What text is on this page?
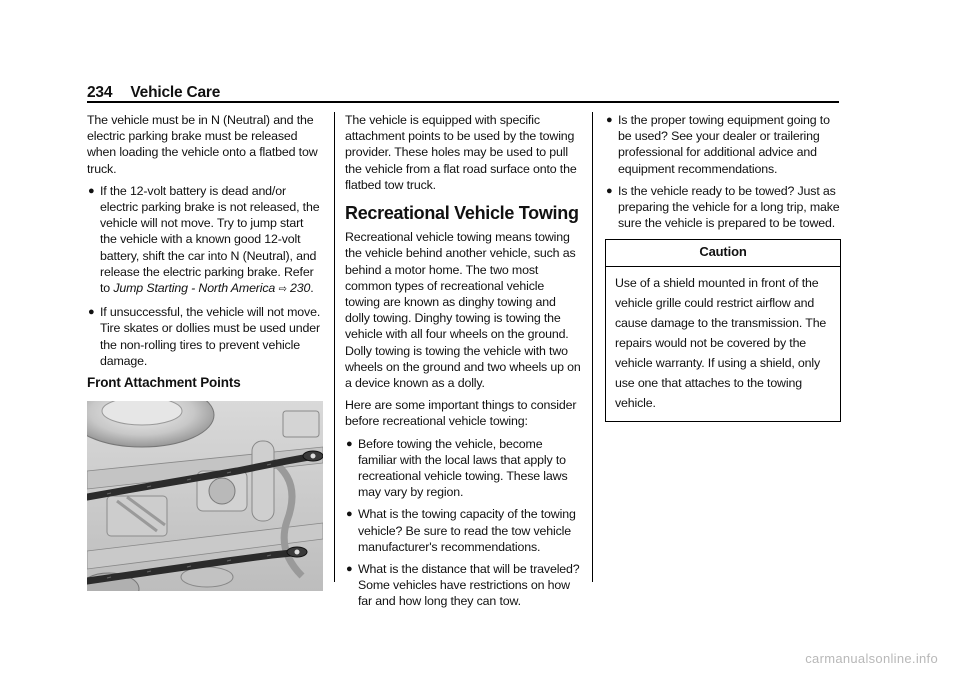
234 Vehicle Care

The vehicle must be in N (Neutral) and the electric parking brake must be released when loading the vehicle onto a flatbed tow truck.

● If the 12-volt battery is dead and/or electric parking brake is not released, the vehicle will not move. Try to jump start the vehicle with a known good 12-volt battery, shift the car into N (Neutral), and release the electric parking brake. Refer to Jump Starting - North America ⇨ 230.
● If unsuccessful, the vehicle will not move. Tire skates or dollies must be used under the non-rolling tires to prevent vehicle damage.
Front Attachment Points

The vehicle is equipped with specific attachment points to be used by the towing provider. These holes may be used to pull the vehicle from a flat road surface onto the flatbed tow truck.

Recreational Vehicle Towing

Recreational vehicle towing means towing the vehicle behind another vehicle, such as behind a motor home. The two most common types of recreational vehicle towing are known as dinghy towing and dolly towing. Dinghy towing is towing the vehicle with all four wheels on the ground. Dolly towing is towing the vehicle with two wheels on the ground and two wheels up on a device known as a dolly.

Here are some important things to consider before recreational vehicle towing:

● Before towing the vehicle, become familiar with the local laws that apply to recreational vehicle towing. These laws may vary by region.
● What is the towing capacity of the towing vehicle? Be sure to read the tow vehicle manufacturer's recommendations.
● What is the distance that will be traveled? Some vehicles have restrictions on how far and how long they can tow.
● Is the proper towing equipment going to be used? See your dealer or trailering professional for additional advice and equipment recommendations.
● Is the vehicle ready to be towed? Just as preparing the vehicle for a long trip, make sure the vehicle is prepared to be towed.
Caution
Use of a shield mounted in front of the vehicle grille could restrict airflow and cause damage to the transmission. The repairs would not be covered by the vehicle warranty. If using a shield, only use one that attaches to the towing vehicle.
carmanualsonline.info
